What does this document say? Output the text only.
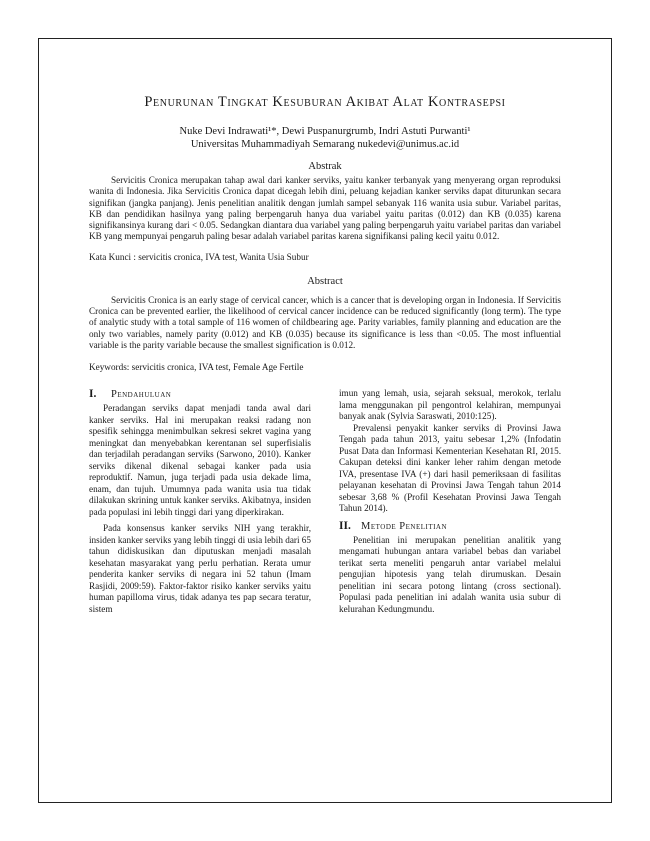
Penurunan Tingkat Kesuburan Akibat Alat Kontrasepsi
Nuke Devi Indrawati¹*, Dewi Puspanurgrumb, Indri Astuti Purwanti¹
Universitas Muhammadiyah Semarang nukedevi@unimus.ac.id
Abstrak

Servicitis Cronica merupakan tahap awal dari kanker serviks, yaitu kanker terbanyak yang menyerang organ reproduksi wanita di Indonesia. Jika Servicitis Cronica dapat dicegah lebih dini, peluang kejadian kanker serviks dapat diturunkan secara signifikan (jangka panjang). Jenis penelitian analitik dengan jumlah sampel sebanyak 116 wanita usia subur. Variabel paritas, KB dan pendidikan hasilnya yang paling berpengaruh hanya dua variabel yaitu paritas (0.012) dan KB (0.035) karena signifikansinya kurang dari < 0.05. Sedangkan diantara dua variabel yang paling berpengaruh yaitu variabel paritas dan variabel KB yang mempunyai pengaruh paling besar adalah variabel paritas karena signifikansi paling kecil yaitu 0.012.

Kata Kunci : servicitis cronica, IVA test, Wanita Usia Subur
Abstract

Servicitis Cronica is an early stage of cervical cancer, which is a cancer that is developing organ in Indonesia. If Servicitis Cronica can be prevented earlier, the likelihood of cervical cancer incidence can be reduced significantly (long term). The type of analytic study with a total sample of 116 women of childbearing age. Parity variables, family planning and education are the only two variables, namely parity (0.012) and KB (0.035) because its significance is less than <0.05. The most influential variable is the parity variable because the smallest signification is 0.012.

Keywords: servicitis cronica, IVA test, Female Age Fertile
I.	Pendahuluan

Peradangan serviks dapat menjadi tanda awal dari kanker serviks. Hal ini merupakan reaksi radang non spesifik sehingga menimbulkan sekresi sekret vagina yang meningkat dan menyebabkan kerentanan sel superfisialis dan terjadilah peradangan serviks (Sarwono, 2010). Kanker serviks dikenal dikenal sebagai kanker pada usia reproduktif. Namun, juga terjadi pada usia dekade lima, enam, dan tujuh. Umumnya pada wanita usia tua tidak dilakukan skrining untuk kanker serviks. Akibatnya, insiden pada populasi ini lebih tinggi dari yang diperkirakan.

Pada konsensus kanker serviks NIH yang terakhir, insiden kanker serviks yang lebih tinggi di usia lebih dari 65 tahun didiskusikan dan diputuskan menjadi masalah kesehatan masyarakat yang perlu perhatian. Rerata umur penderita kanker serviks di negara ini 52 tahun (Imam Rasjidi, 2009:59). Faktor-faktor risiko kanker serviks yaitu human papilloma virus, tidak adanya tes pap secara teratur, sistem

imun yang lemah, usia, sejarah seksual, merokok, terlalu lama menggunakan pil pengontrol kelahiran, mempunyai banyak anak (Sylvia Saraswati, 2010:125).

Prevalensi penyakit kanker serviks di Provinsi Jawa Tengah pada tahun 2013, yaitu sebesar 1,2% (Infodatin Pusat Data dan Informasi Kementerian Kesehatan RI, 2015. Cakupan deteksi dini kanker leher rahim dengan metode IVA, presentase IVA (+) dari hasil pemeriksaan di fasilitas pelayanan kesehatan di Provinsi Jawa Tengah tahun 2014 sebesar 3,68 % (Profil Kesehatan Provinsi Jawa Tengah Tahun 2014).

II. Metode Penelitian

Penelitian ini merupakan penelitian analitik yang mengamati hubungan antara variabel bebas dan variabel terikat serta meneliti pengaruh antar variabel melalui pengujian hipotesis yang telah dirumuskan. Desain penelitian ini secara potong lintang (cross sectional). Populasi pada penelitian ini adalah wanita usia subur di kelurahan Kedungmundu.
